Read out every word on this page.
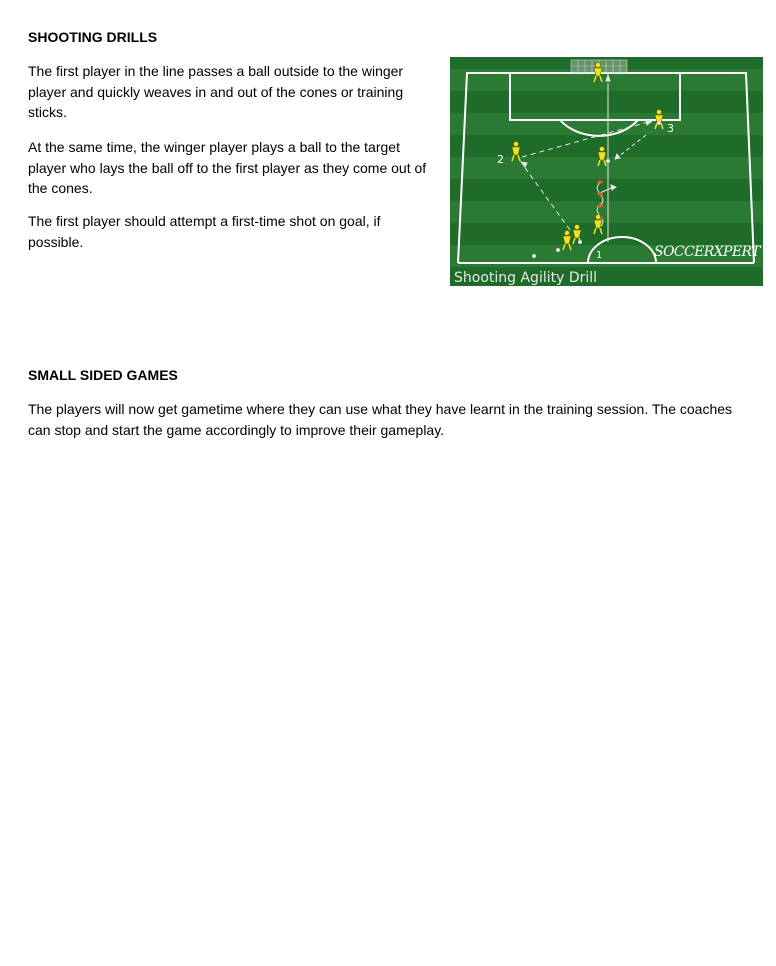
SHOOTING DRILLS

The first player in the line passes a ball outside to the winger player and quickly weaves in and out of the cones or training sticks.

At the same time, the winger player plays a ball to the target player who lays the ball off to the first player as they come out of the cones.

The first player should attempt a first-time shot on goal, if possible.

1
2
3
SOCCERXPERT
Shooting Agility Drill
SMALL SIDED GAMES

The players will now get gametime where they can use what they have learnt in the training session. The coaches can stop and start the game accordingly to improve their gameplay.
